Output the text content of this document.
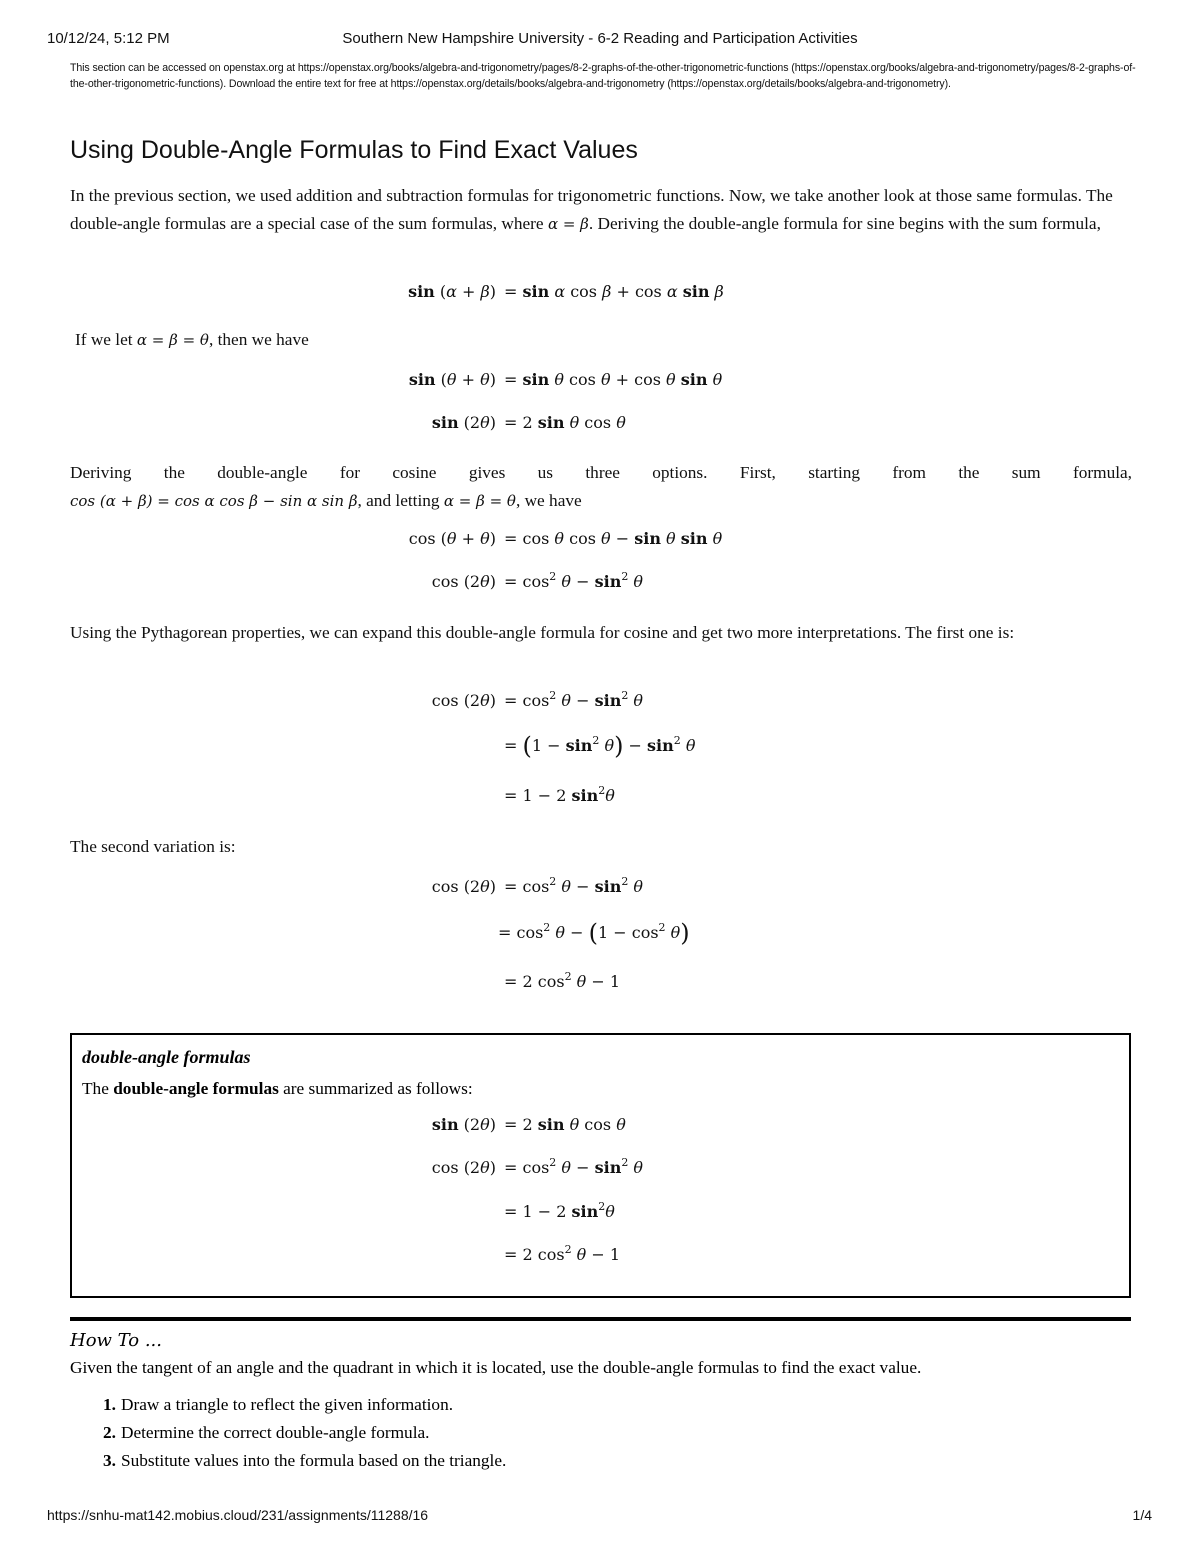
10/12/24, 5:12 PM	Southern New Hampshire University - 6-2 Reading and Participation Activities
This section can be accessed on openstax.org at https://openstax.org/books/algebra-and-trigonometry/pages/8-2-graphs-of-the-other-trigonometric-functions (https://openstax.org/books/algebra-and-trigonometry/pages/8-2-graphs-of-the-other-trigonometric-functions). Download the entire text for free at https://openstax.org/details/books/algebra-and-trigonometry (https://openstax.org/details/books/algebra-and-trigonometry).
Using Double-Angle Formulas to Find Exact Values

In the previous section, we used addition and subtraction formulas for trigonometric functions. Now, we take another look at those same formulas. The double-angle formulas are a special case of the sum formulas, where α = β. Deriving the double-angle formula for sine begins with the sum formula,

sin (α + β) = sin α cos β + cos α sin β

If we let α = β = θ, then we have

sin (θ + θ) = sin θ cos θ + cos θ sin θ
sin (2θ) = 2 sin θ cos θ

Deriving the double-angle for cosine gives us three options. First, starting from the sum formula,

cos (α + β) = cos α cos β − sin α sin β, and letting α = β = θ, we have

cos (θ + θ) = cos θ cos θ − sin θ sin θ
$\cos (2\theta) = \cos^2 \theta - \sin^2 \theta$

Using the Pythagorean properties, we can expand this double-angle formula for cosine and get two more interpretations. The first one is:

$\cos (2\theta) = \cos^2 \theta - \sin^2 \theta$
= $(1 - \sin^2 \theta) - \sin^2 \theta$
= 1 − 2 $\sin^2\theta$

The second variation is:

$\cos (2\theta) = \cos^2 \theta - \sin^2 \theta$
= $\cos^2 \theta - (1 - \cos^2 \theta)$
= 2 $\cos^2 \theta - 1$
double-angle formulas
The double-angle formulas are summarized as follows:
sin (2θ) = 2 sin θ cos θ
$\cos (2\theta) = \cos^2 \theta - \sin^2 \theta$
= 1 − 2 $\sin^2\theta$
= 2 $\cos^2 \theta - 1$
How To ...
Given the tangent of an angle and the quadrant in which it is located, use the double-angle formulas to find the exact value.
1. Draw a triangle to reflect the given information.
2. Determine the correct double-angle formula.
3. Substitute values into the formula based on the triangle.
https://snhu-mat142.mobius.cloud/231/assignments/11288/16	1/4
